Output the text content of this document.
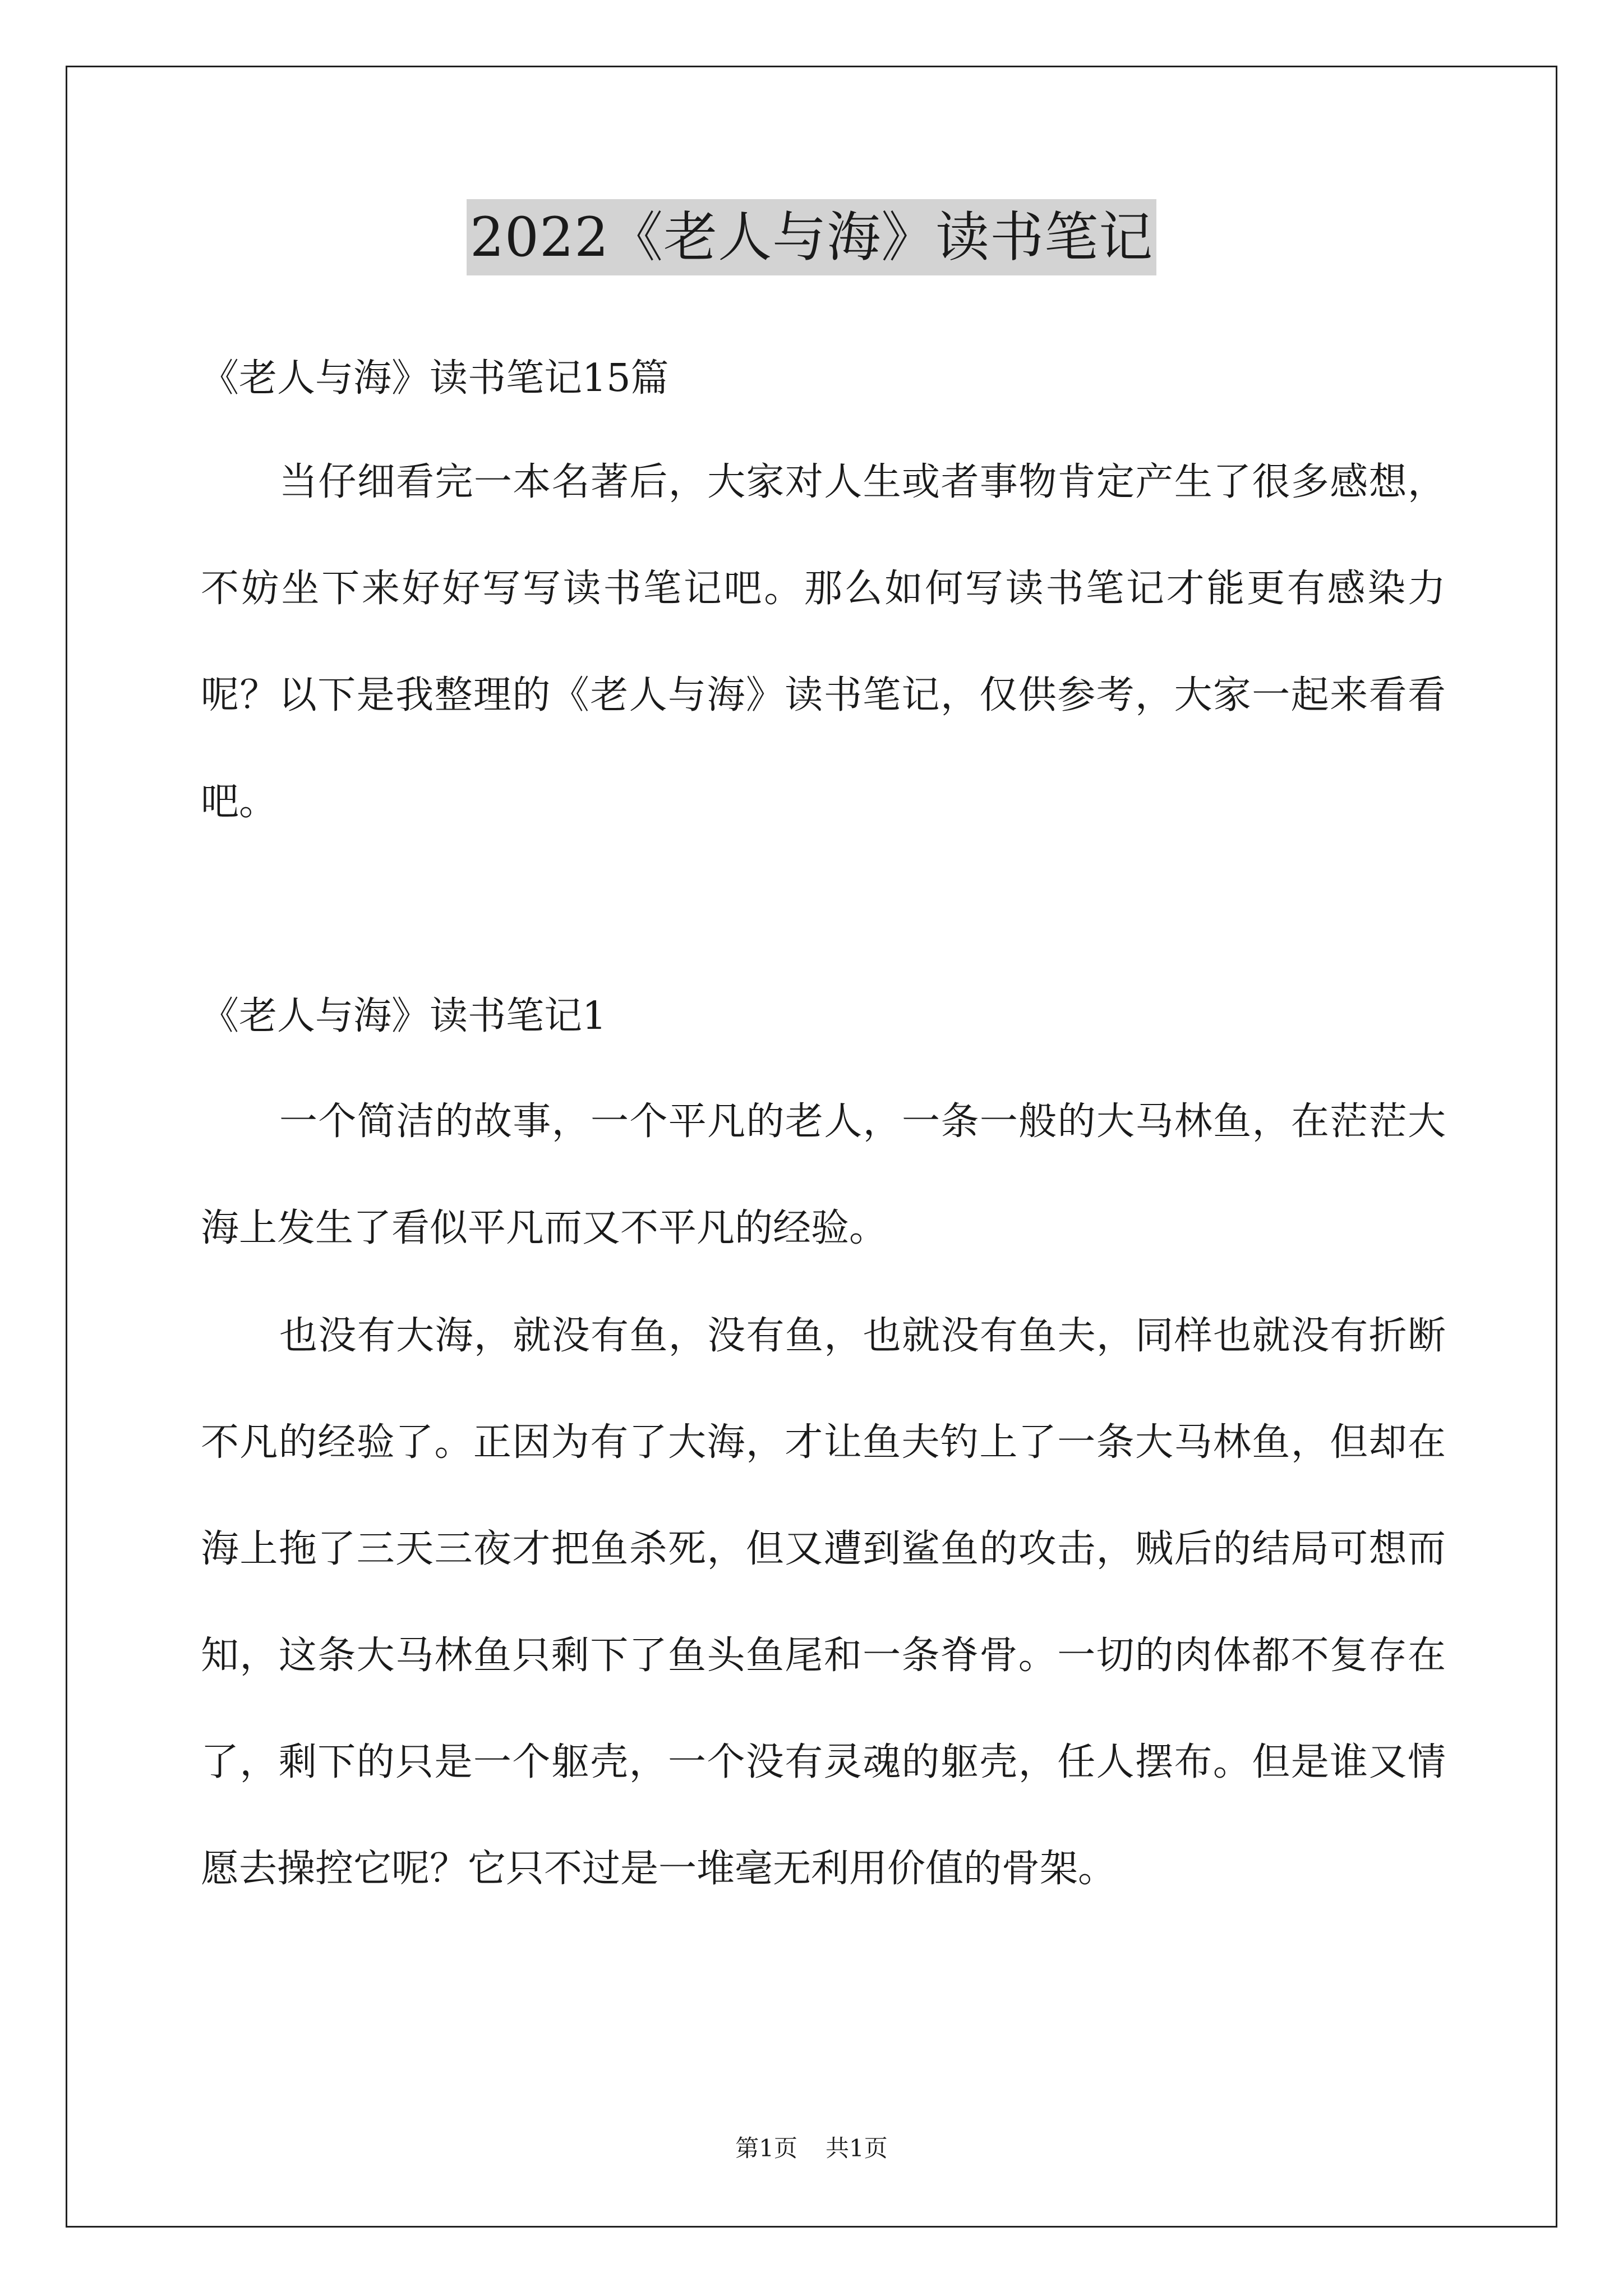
2022《老人与海》读书笔记

《老人与海》读书笔记15篇

当仔细看完一本名著后，大家对人生或者事物肯定产生了很多感想，不妨坐下来好好写写读书笔记吧。那么如何写读书笔记才能更有感染力呢？以下是我整理的《老人与海》读书笔记，仅供参考，大家一起来看看吧。

《老人与海》读书笔记1

一个简洁的故事，一个平凡的老人，一条一般的大马林鱼，在茫茫大海上发生了看似平凡而又不平凡的经验。

也没有大海，就没有鱼，没有鱼，也就没有鱼夫，同样也就没有折断不凡的经验了。正因为有了大海，才让鱼夫钓上了一条大马林鱼，但却在海上拖了三天三夜才把鱼杀死，但又遭到鲨鱼的攻击，贼后的结局可想而知，这条大马林鱼只剩下了鱼头鱼尾和一条脊骨。一切的肉体都不复存在了，剩下的只是一个躯壳，一个没有灵魂的躯壳，任人摆布。但是谁又情愿去操控它呢？它只不过是一堆毫无利用价值的骨架。

第1页 共1页
